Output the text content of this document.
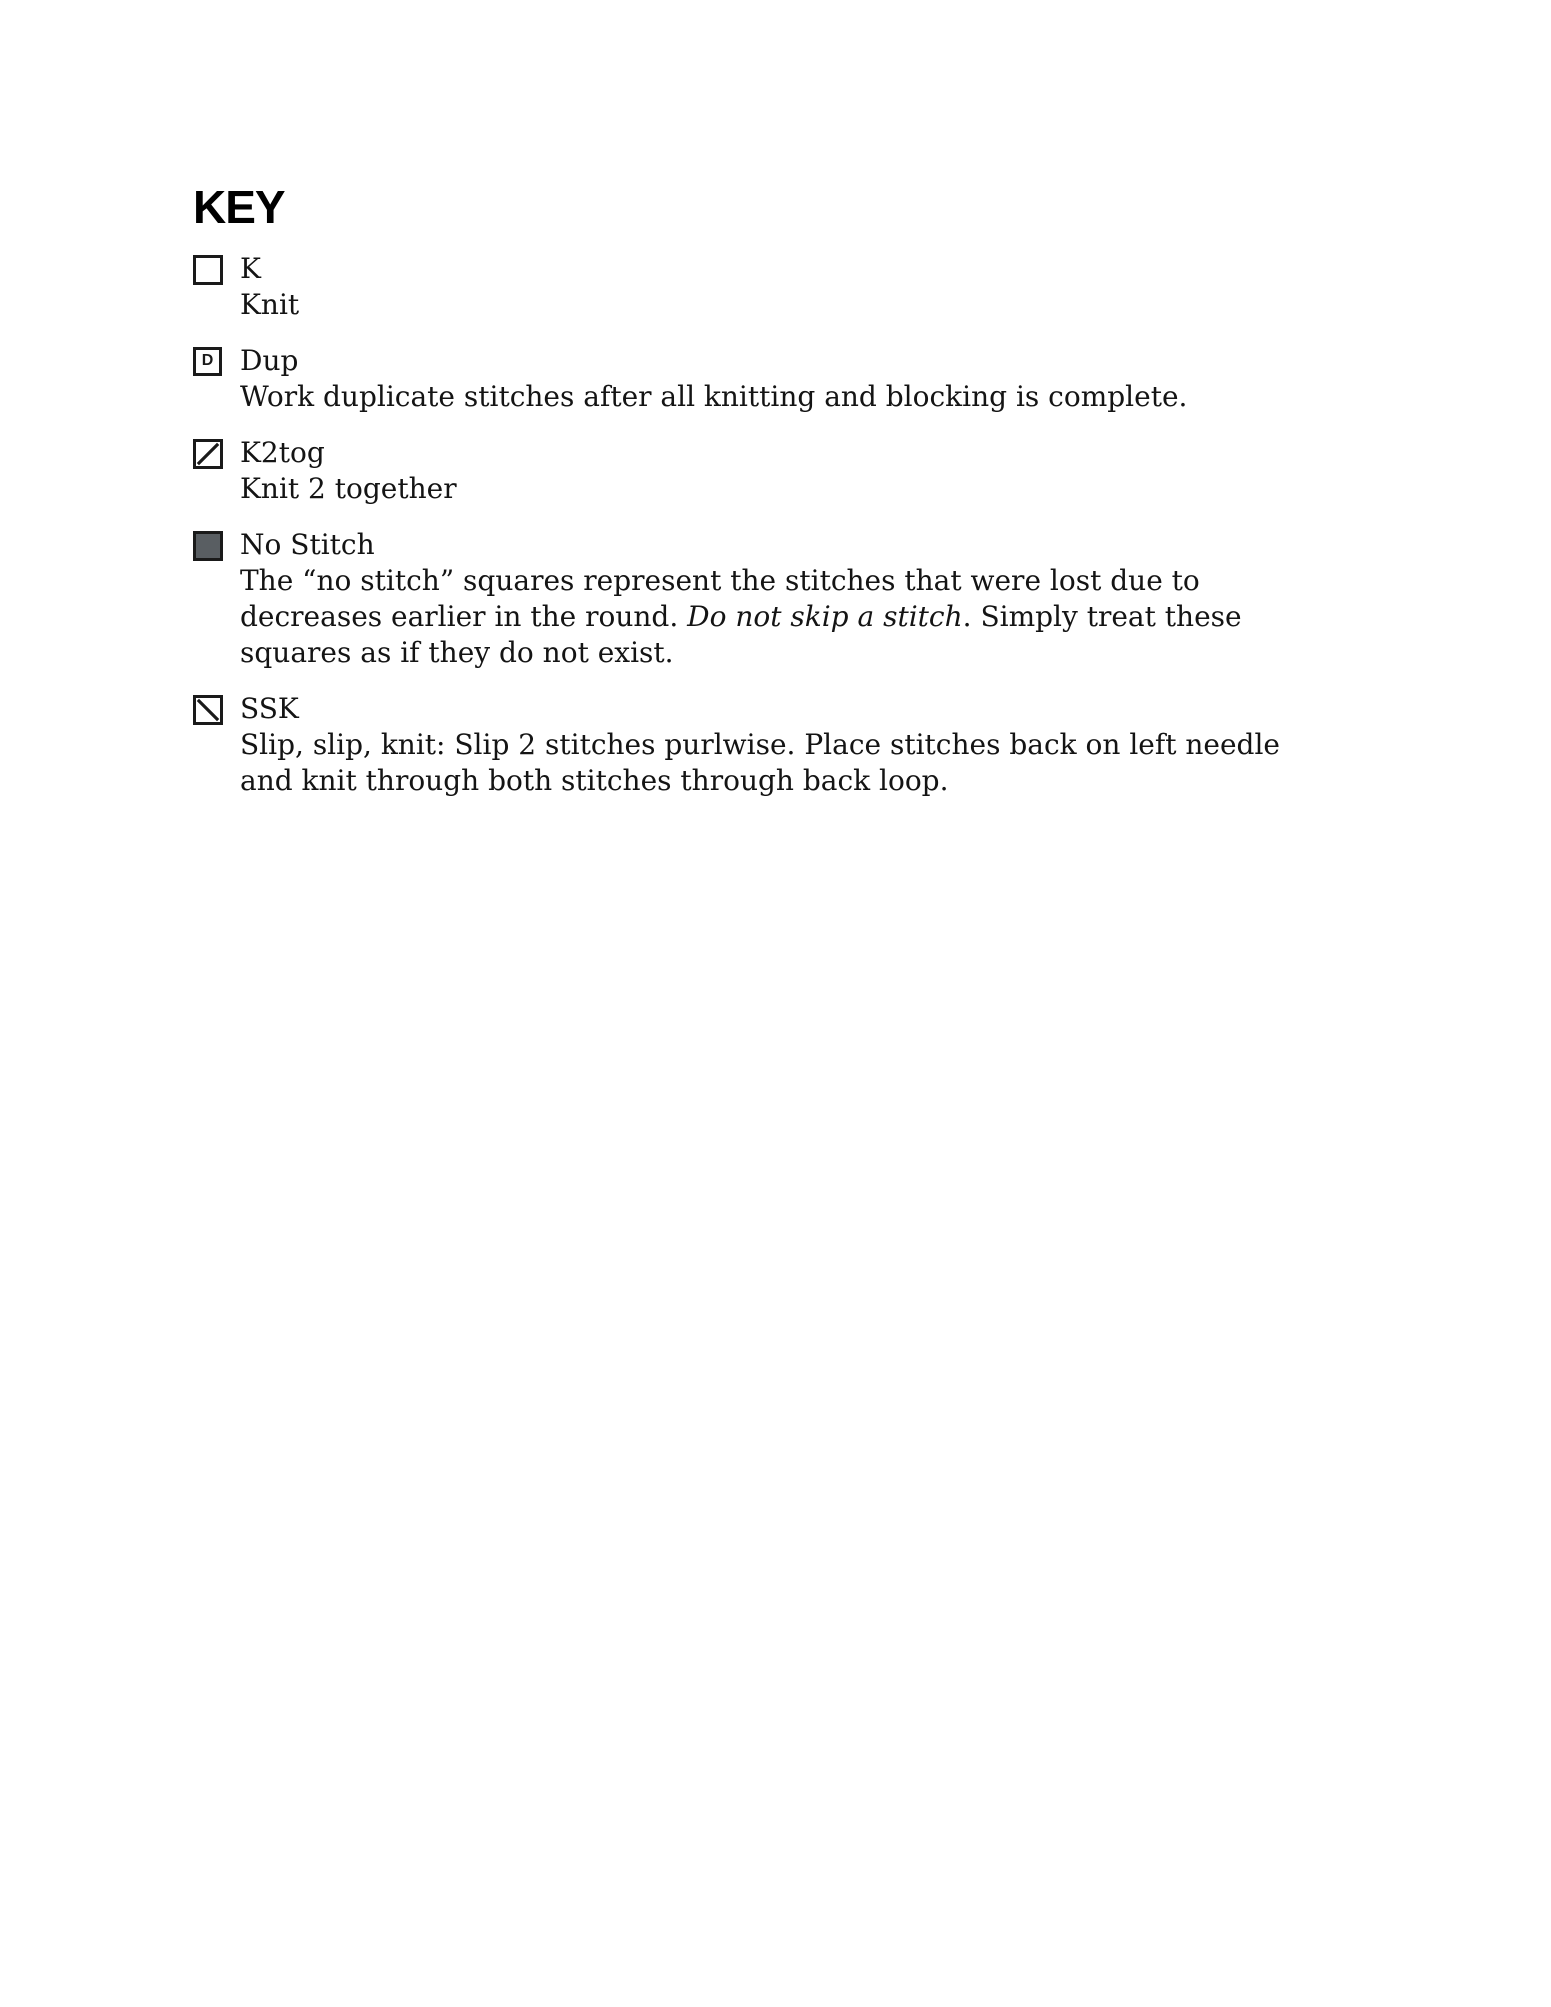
KEY
K
Knit
D Dup
Work duplicate stitches after all knitting and blocking is complete.
K2tog
Knit 2 together
No Stitch
The “no stitch” squares represent the stitches that were lost due to
decreases earlier in the round. Do not skip a stitch. Simply treat these
squares as if they do not exist.
SSK
Slip, slip, knit: Slip 2 stitches purlwise. Place stitches back on left needle
and knit through both stitches through back loop.
